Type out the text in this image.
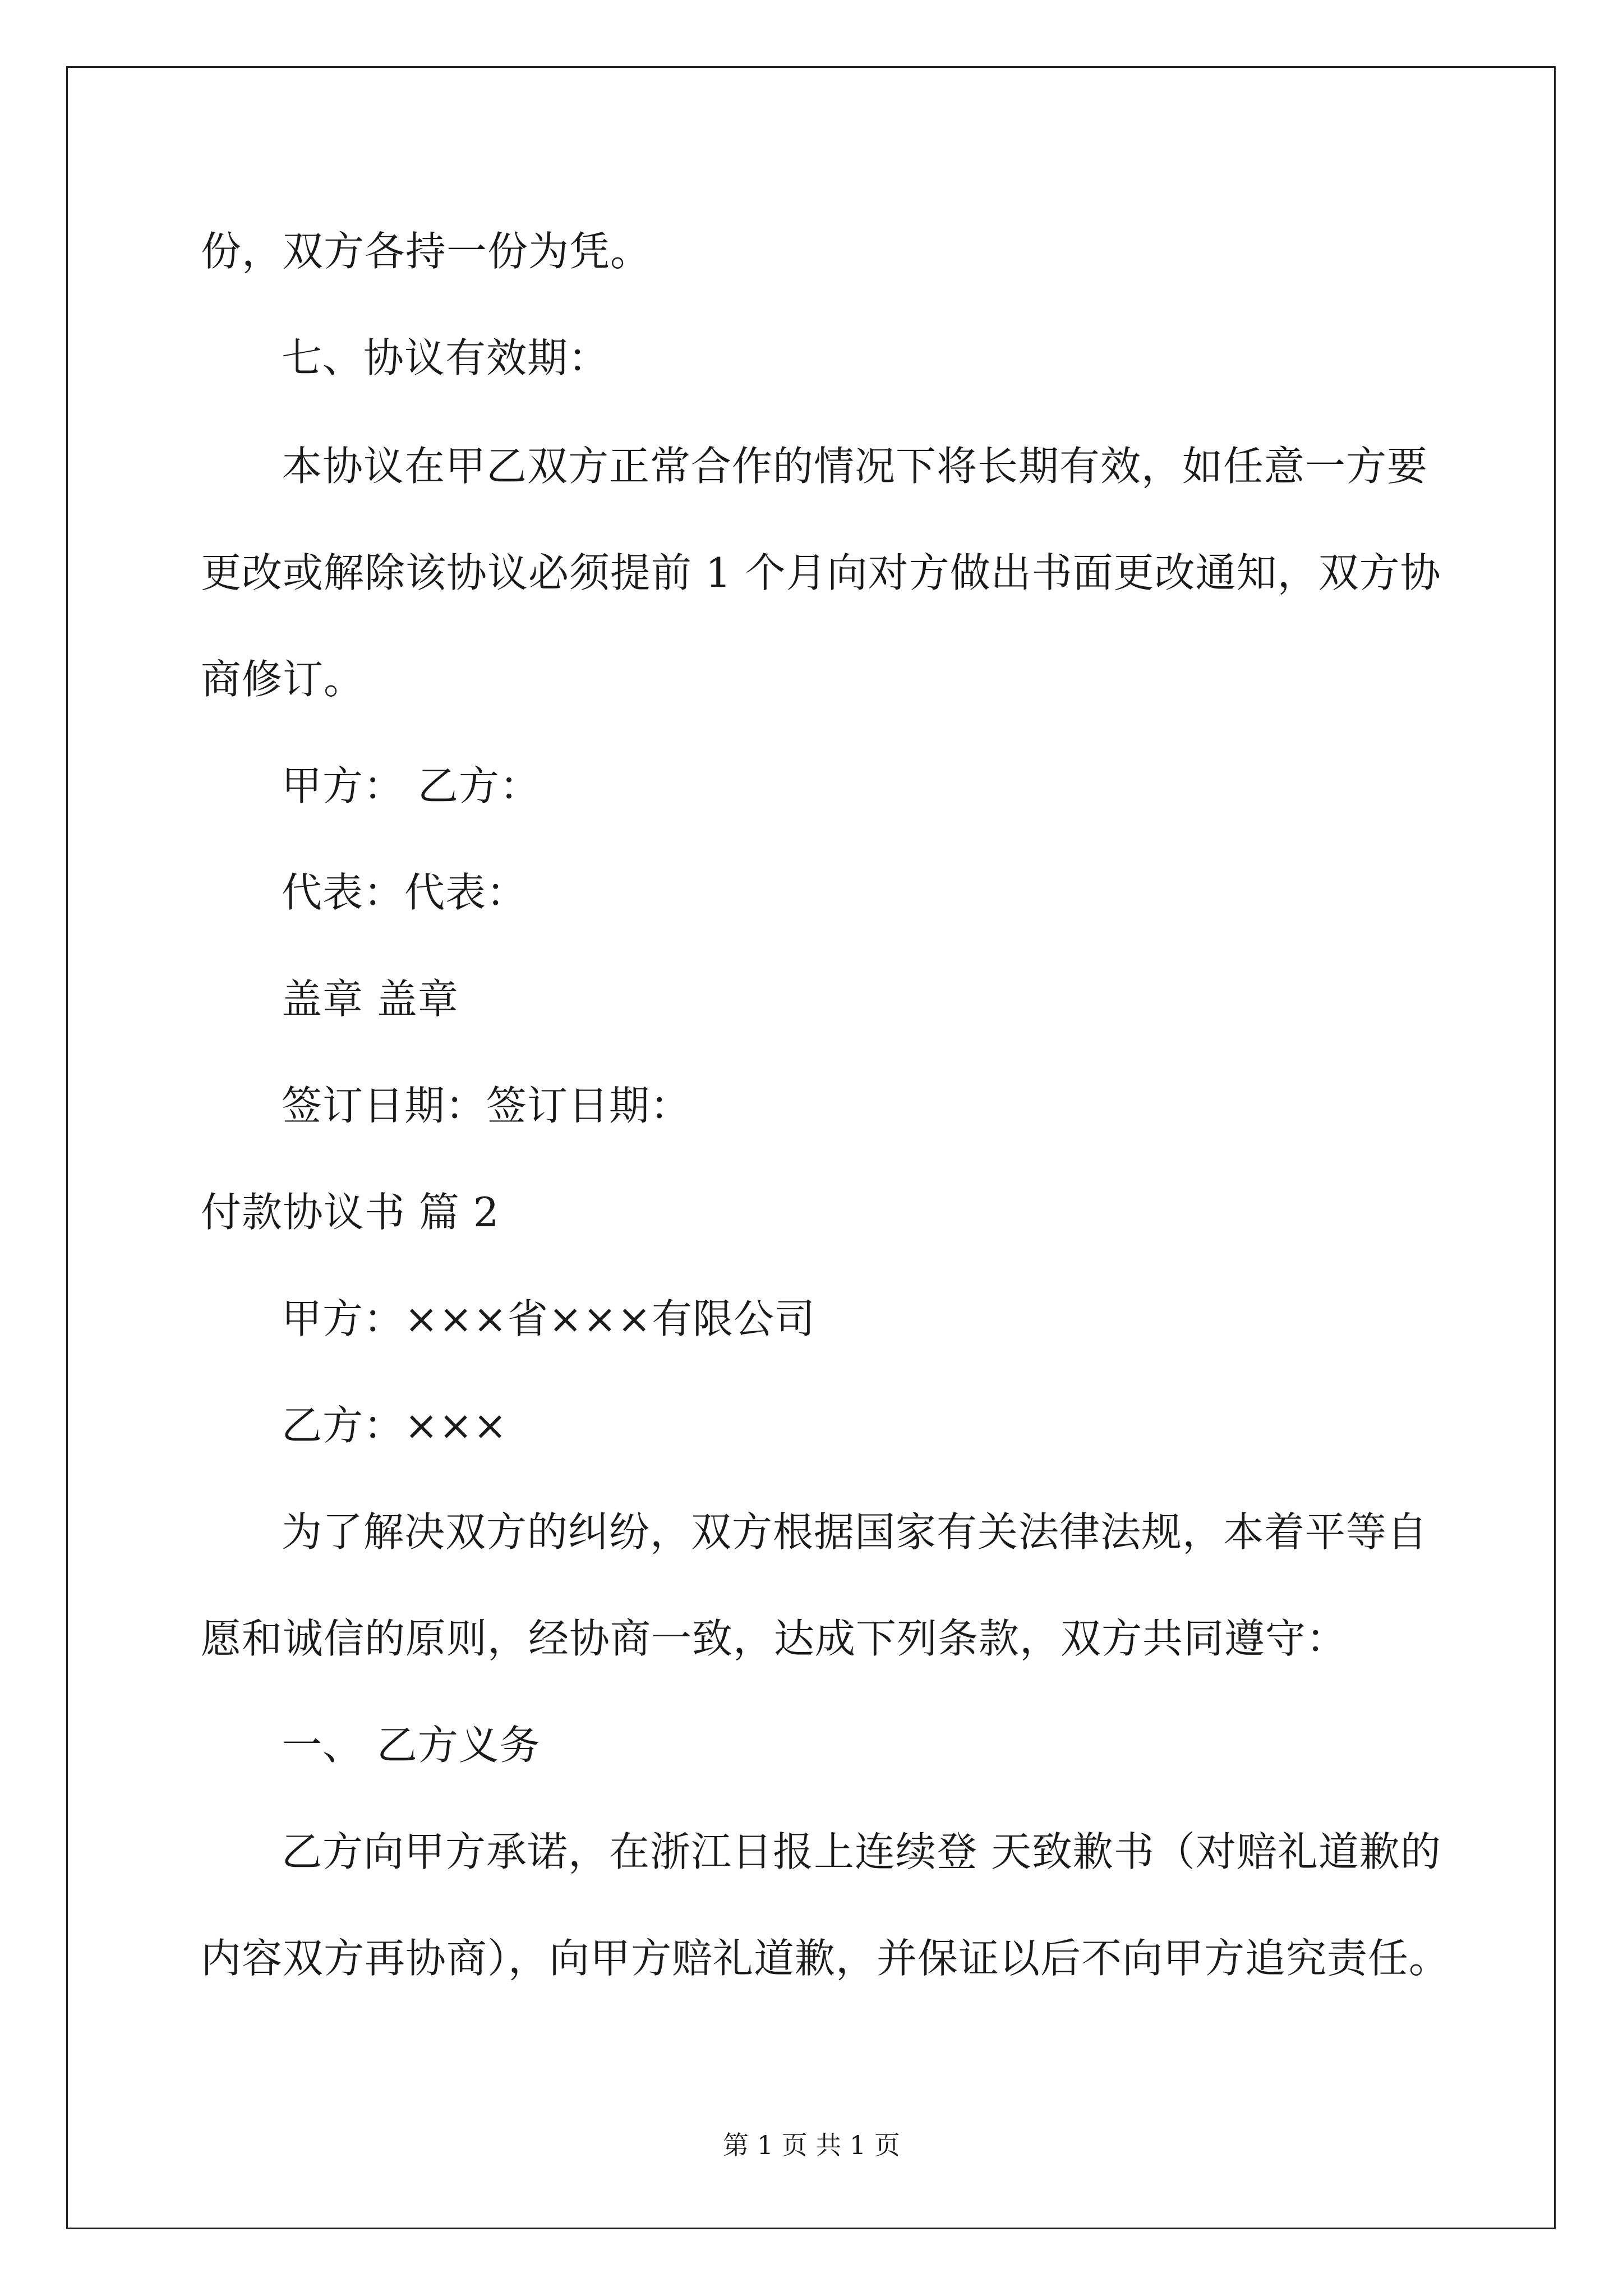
份，双方各持一份为凭。
七、协议有效期：
本协议在甲乙双方正常合作的情况下将长期有效，如任意一方要
更改或解除该协议必须提前 1 个月向对方做出书面更改通知，双方协
商修订。
甲方： 乙方：
代表：代表：
盖章 盖章
签订日期：签订日期：
付款协议书 篇 2
甲方：×××省×××有限公司
乙方：×××
为了解决双方的纠纷，双方根据国家有关法律法规，本着平等自
愿和诚信的原则，经协商一致，达成下列条款，双方共同遵守：
一、 乙方义务
乙方向甲方承诺，在浙江日报上连续登 天致歉书（对赔礼道歉的
内容双方再协商），向甲方赔礼道歉，并保证以后不向甲方追究责任。
第 1 页 共 1 页
